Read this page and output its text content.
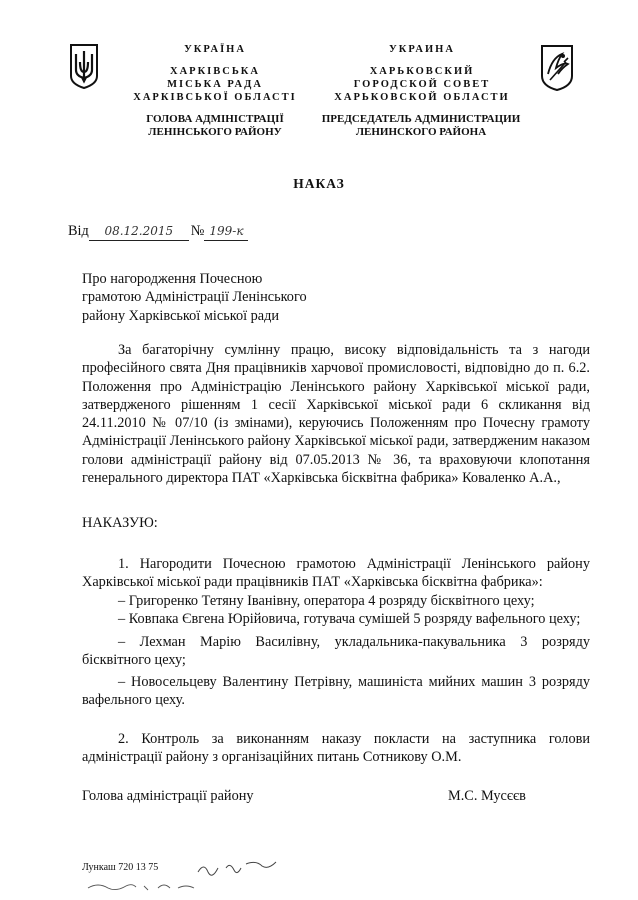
УКРАЇНА
ХАРКІВСЬКА
МІСЬКА РАДА
ХАРКІВСЬКОЇ ОБЛАСТІ
ГОЛОВА АДМІНІСТРАЦІЇ
ЛЕНІНСЬКОГО РАЙОНУ
УКРАИНА
ХАРЬКОВСКИЙ
ГОРОДСКОЙ СОВЕТ
ХАРЬКОВСКОЙ ОБЛАСТИ
ПРЕДСЕДАТЕЛЬ АДМИНИСТРАЦИИ
ЛЕНИНСКОГО РАЙОНА
НАКАЗ
Від 08.12.2015 № 199-к
Про нагородження Почесною
грамотою Адміністрації Ленінського
району Харківської міської ради
За багаторічну сумлінну працю, високу відповідальність та з нагоди професійного свята Дня працівників харчової промисловості, відповідно до п. 6.2. Положення про Адміністрацію Ленінського району Харківської міської ради, затвердженого рішенням 1 сесії Харківської міської ради 6 скликання від 24.11.2010 № 07/10 (із змінами), керуючись Положенням про Почесну грамоту Адміністрації Ленінського району Харківської міської ради, затвердженим наказом голови адміністрації району від 07.05.2013 № 36, та враховуючи клопотання генерального директора ПАТ «Харківська бісквітна фабрика» Коваленко А.А.,
НАКАЗУЮ:
1. Нагородити Почесною грамотою Адміністрації Ленінського району Харківської міської ради працівників ПАТ «Харківська бісквітна фабрика»:
– Григоренко Тетяну Іванівну, оператора 4 розряду бісквітного цеху;
– Ковпака Євгена Юрійовича, готувача сумішей 5 розряду вафельного цеху;
– Лехман Марію Василівну, укладальника-пакувальника 3 розряду бісквітного цеху;
– Новосельцеву Валентину Петрівну, машиніста мийних машин 3 розряду вафельного цеху.
2. Контроль за виконанням наказу покласти на заступника голови адміністрації району з організаційних питань Сотникову О.М.
Голова адміністрації району	М.С. Мусєєв
Лункаш 720 13 75
